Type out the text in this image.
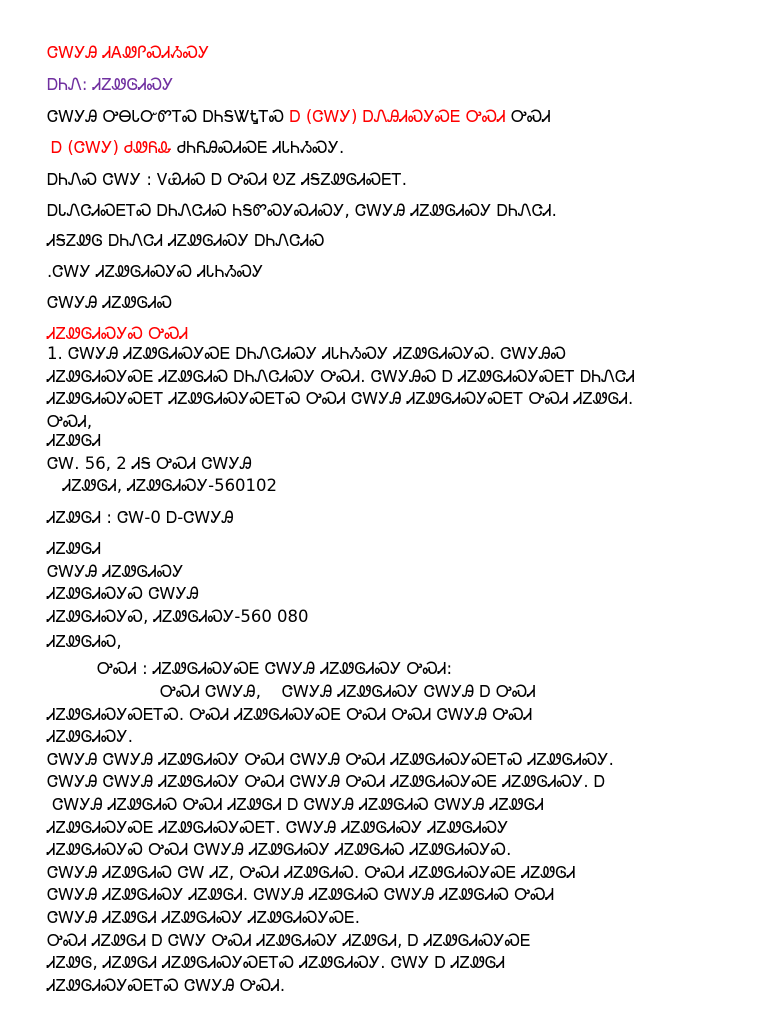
ᏣᎳᎩᎯ ᏗᎪᏪᎵᏍᏗᏱᏍᎩ
ᎠᏂᏁ: ᏗᏃᏪᎶᏗᏍᎩ
ᏣᎳᎩᎯ ᎤᎾᏓᏅᏛᎢᏍ ᎠᏂᎦᏔᎿᎢᏍ Ꭰ (ᏣᎳᎩ) ᎠᏁᎯᏗᏍᎩᏍᎬ ᎤᏍᏗ ᎤᏍᏗ
Ꭰ (ᏣᎳᎩ) ᏧᏪᏲᎲ ᏧᏂᏲᎯᏍᏗᏍᎬ ᏗᏓᏂᏱᏍᎩ.
ᎠᏂᏁᏍ ᏣᎳᎩ : ᏙᏯᏗᏍ Ꭰ ᎤᏍᏗ ᎧᏃ ᏗᎦᏃᏪᎶᏗᏍᎬᎢ.
ᎠᏓᏁᏣᏗᏍᎬᎢᏍ ᎠᏂᏁᏣᏗᏍ ᏂᎦᏛᏍᎩᏍᏗᏍᎩ, ᏣᎳᎩᎯ ᏗᏃᏪᎶᏗᏍᎩ ᎠᏂᏁᏣᏗ.
ᏗᎦᏃᏪᎶ ᎠᏂᏁᏣᏗ ᏗᏃᏪᎶᏗᏍᎩ ᎠᏂᏁᏣᏗᏍ
.ᏣᎳᎩ ᏗᏃᏪᎶᏗᏍᎩᏍ ᏗᏓᏂᏱᏍᎩ
ᏣᎳᎩᎯ ᏗᏃᏪᎶᏗᏍ
ᏗᏃᏪᎶᏗᏍᎩᏍ ᎤᏍᏗ
1. ᏣᎳᎩᎯ ᏗᏃᏪᎶᏗᏍᎩᏍᎬ ᎠᏂᏁᏣᏗᏍᎩ ᏗᏓᏂᏱᏍᎩ ᏗᏃᏪᎶᏗᏍᎩᏍ. ᏣᎳᎩᎯᏍ
ᏗᏃᏪᎶᏗᏍᎩᏍᎬ ᏗᏃᏪᎶᏗᏍ ᎠᏂᏁᏣᏗᏍᎩ ᎤᏍᏗ. ᏣᎳᎩᎯᏍ Ꭰ ᏗᏃᏪᎶᏗᏍᎩᏍᎬᎢ ᎠᏂᏁᏣᏗ
ᏗᏃᏪᎶᏗᏍᎩᏍᎬᎢ ᏗᏃᏪᎶᏗᏍᎩᏍᎬᎢᏍ ᎤᏍᏗ ᏣᎳᎩᎯ ᏗᏃᏪᎶᏗᏍᎩᏍᎬᎢ ᎤᏍᏗ ᏗᏃᏪᎶᏗ.
ᎤᏍᏗ,
ᏗᏃᏪᎶᏗ
ᏣᎳ. 56, 2 ᏗᎦ ᎤᏍᏗ ᏣᎳᎩᎯ
ᏗᏃᏪᎶᏗ, ᏗᏃᏪᎶᏗᏍᎩ-560102
ᏗᏃᏪᎶᏗ : ᏣᎳ-0 Ꭰ-ᏣᎳᎩᎯ
ᏗᏃᏪᎶᏗ
ᏣᎳᎩᎯ ᏗᏃᏪᎶᏗᏍᎩ
ᏗᏃᏪᎶᏗᏍᎩᏍ ᏣᎳᎩᎯ
ᏗᏃᏪᎶᏗᏍᎩᏍ, ᏗᏃᏪᎶᏗᏍᎩ-560 080
ᏗᏃᏪᎶᏗᏍ,
ᎤᏍᏗ : ᏗᏃᏪᎶᏗᏍᎩᏍᎬ ᏣᎳᎩᎯ ᏗᏃᏪᎶᏗᏍᎩ ᎤᏍᏗ:
ᎤᏍᏗ ᏣᎳᎩᎯ,    ᏣᎳᎩᎯ ᏗᏃᏪᎶᏗᏍᎩ ᏣᎳᎩᎯ Ꭰ ᎤᏍᏗ
ᏗᏃᏪᎶᏗᏍᎩᏍᎬᎢᏍ. ᎤᏍᏗ ᏗᏃᏪᎶᏗᏍᎩᏍᎬ ᎤᏍᏗ ᎤᏍᏗ ᏣᎳᎩᎯ ᎤᏍᏗ
ᏗᏃᏪᎶᏗᏍᎩ.
ᏣᎳᎩᎯ ᏣᎳᎩᎯ ᏗᏃᏪᎶᏗᏍᎩ ᎤᏍᏗ ᏣᎳᎩᎯ ᎤᏍᏗ ᏗᏃᏪᎶᏗᏍᎩᏍᎬᎢᏍ ᏗᏃᏪᎶᏗᏍᎩ.
ᏣᎳᎩᎯ ᏣᎳᎩᎯ ᏗᏃᏪᎶᏗᏍᎩ ᎤᏍᏗ ᏣᎳᎩᎯ ᎤᏍᏗ ᏗᏃᏪᎶᏗᏍᎩᏍᎬ ᏗᏃᏪᎶᏗᏍᎩ. Ꭰ
ᏣᎳᎩᎯ ᏗᏃᏪᎶᏗᏍ ᎤᏍᏗ ᏗᏃᏪᎶᏗ Ꭰ ᏣᎳᎩᎯ ᏗᏃᏪᎶᏗᏍ ᏣᎳᎩᎯ ᏗᏃᏪᎶᏗ
ᏗᏃᏪᎶᏗᏍᎩᏍᎬ ᏗᏃᏪᎶᏗᏍᎩᏍᎬᎢ. ᏣᎳᎩᎯ ᏗᏃᏪᎶᏗᏍᎩ ᏗᏃᏪᎶᏗᏍᎩ
ᏗᏃᏪᎶᏗᏍᎩᏍ ᎤᏍᏗ ᏣᎳᎩᎯ ᏗᏃᏪᎶᏗᏍᎩ ᏗᏃᏪᎶᏗᏍ ᏗᏃᏪᎶᏗᏍᎩᏍ.
ᏣᎳᎩᎯ ᏗᏃᏪᎶᏗᏍ ᏣᎳ ᏗᏃ, ᎤᏍᏗ ᏗᏃᏪᎶᏗᏍ. ᎤᏍᏗ ᏗᏃᏪᎶᏗᏍᎩᏍᎬ ᏗᏃᏪᎶᏗ
ᏣᎳᎩᎯ ᏗᏃᏪᎶᏗᏍᎩ ᏗᏃᏪᎶᏗ. ᏣᎳᎩᎯ ᏗᏃᏪᎶᏗᏍ ᏣᎳᎩᎯ ᏗᏃᏪᎶᏗᏍ ᎤᏍᏗ
ᏣᎳᎩᎯ ᏗᏃᏪᎶᏗ ᏗᏃᏪᎶᏗᏍᎩ ᏗᏃᏪᎶᏗᏍᎩᏍᎬ.
ᎤᏍᏗ ᏗᏃᏪᎶᏗ Ꭰ ᏣᎳᎩ ᎤᏍᏗ ᏗᏃᏪᎶᏗᏍᎩ ᏗᏃᏪᎶᏗ, Ꭰ ᏗᏃᏪᎶᏗᏍᎩᏍᎬ
ᏗᏃᏪᎶ, ᏗᏃᏪᎶᏗ ᏗᏃᏪᎶᏗᏍᎩᏍᎬᎢᏍ ᏗᏃᏪᎶᏗᏍᎩ. ᏣᎳᎩ Ꭰ ᏗᏃᏪᎶᏗ
ᏗᏃᏪᎶᏗᏍᎩᏍᎬᎢᏍ ᏣᎳᎩᎯ ᎤᏍᏗ.
